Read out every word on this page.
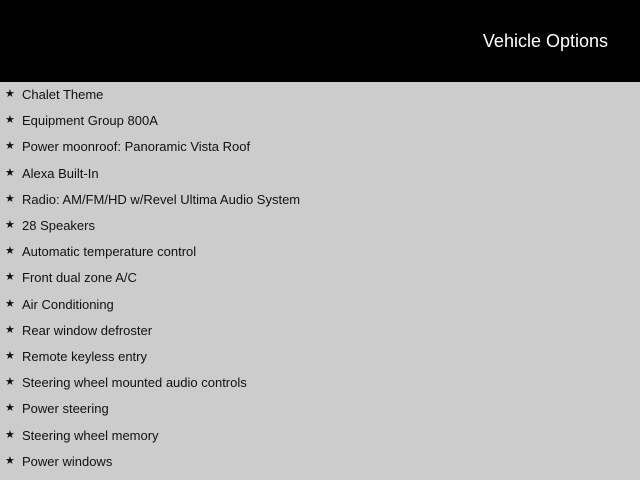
Vehicle Options
★ Chalet Theme
★ Equipment Group 800A
★ Power moonroof: Panoramic Vista Roof
★ Alexa Built-In
★ Radio: AM/FM/HD w/Revel Ultima Audio System
★ 28 Speakers
★ Automatic temperature control
★ Front dual zone A/C
★ Air Conditioning
★ Rear window defroster
★ Remote keyless entry
★ Steering wheel mounted audio controls
★ Power steering
★ Steering wheel memory
★ Power windows
